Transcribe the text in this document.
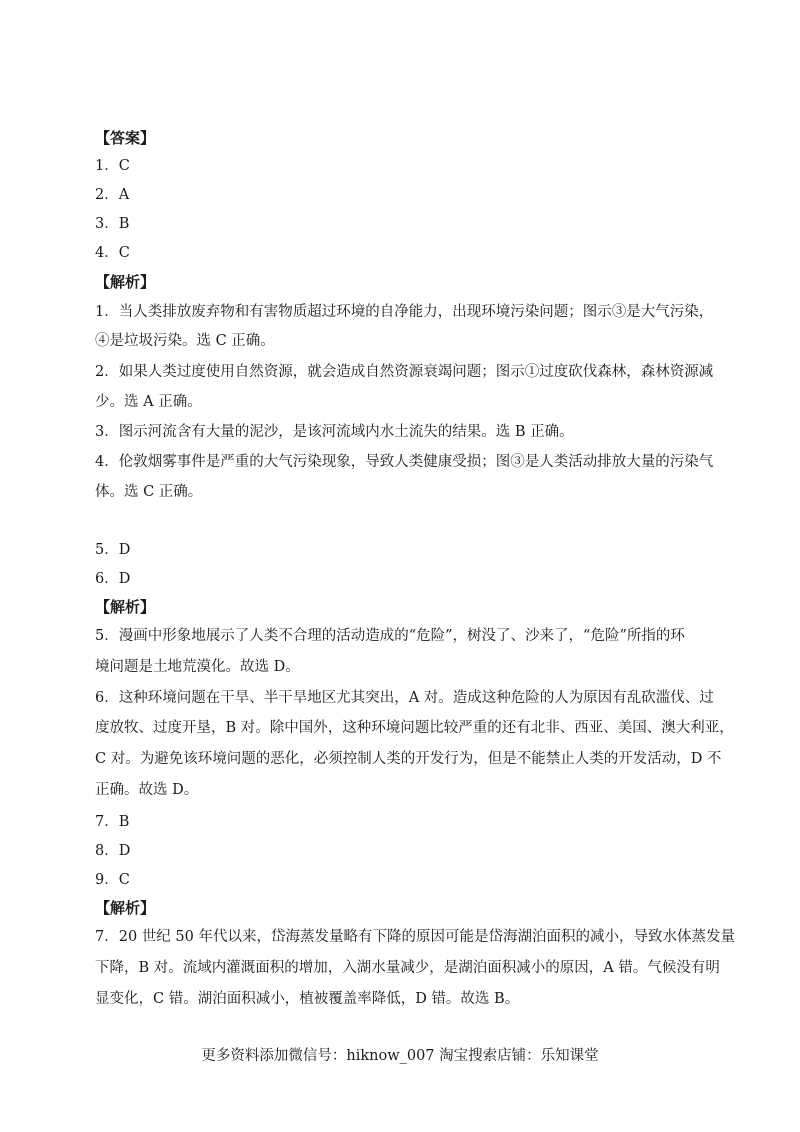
【答案】
1．C
2．A
3．B
4．C
【解析】
1．当人类排放废弃物和有害物质超过环境的自净能力，出现环境污染问题；图示③是大气污染，
④是垃圾污染。选 C 正确。
2．如果人类过度使用自然资源，就会造成自然资源衰竭问题；图示①过度砍伐森林，森林资源减
少。选 A 正确。
3．图示河流含有大量的泥沙，是该河流域内水土流失的结果。选 B 正确。
4．伦敦烟雾事件是严重的大气污染现象，导致人类健康受损；图③是人类活动排放大量的污染气
体。选 C 正确。
5．D
6．D
【解析】
5．漫画中形象地展示了人类不合理的活动造成的“危险”，树没了、沙来了，“危险”所指的环
境问题是土地荒漠化。故选 D。
6．这种环境问题在干旱、半干旱地区尤其突出，A 对。造成这种危险的人为原因有乱砍滥伐、过
度放牧、过度开垦，B 对。除中国外，这种环境问题比较严重的还有北非、西亚、美国、澳大利亚，
C 对。为避免该环境问题的恶化，必须控制人类的开发行为，但是不能禁止人类的开发活动，D 不
正确。故选 D。
7．B
8．D
9．C
【解析】
7．20 世纪 50 年代以来，岱海蒸发量略有下降的原因可能是岱海湖泊面积的减小，导致水体蒸发量
下降，B 对。流域内灌溉面积的增加，入湖水量减少，是湖泊面积减小的原因，A 错。气候没有明
显变化，C 错。湖泊面积减小，植被覆盖率降低，D 错。故选 B。
更多资料添加微信号：hiknow_007 淘宝搜索店铺：乐知课堂
